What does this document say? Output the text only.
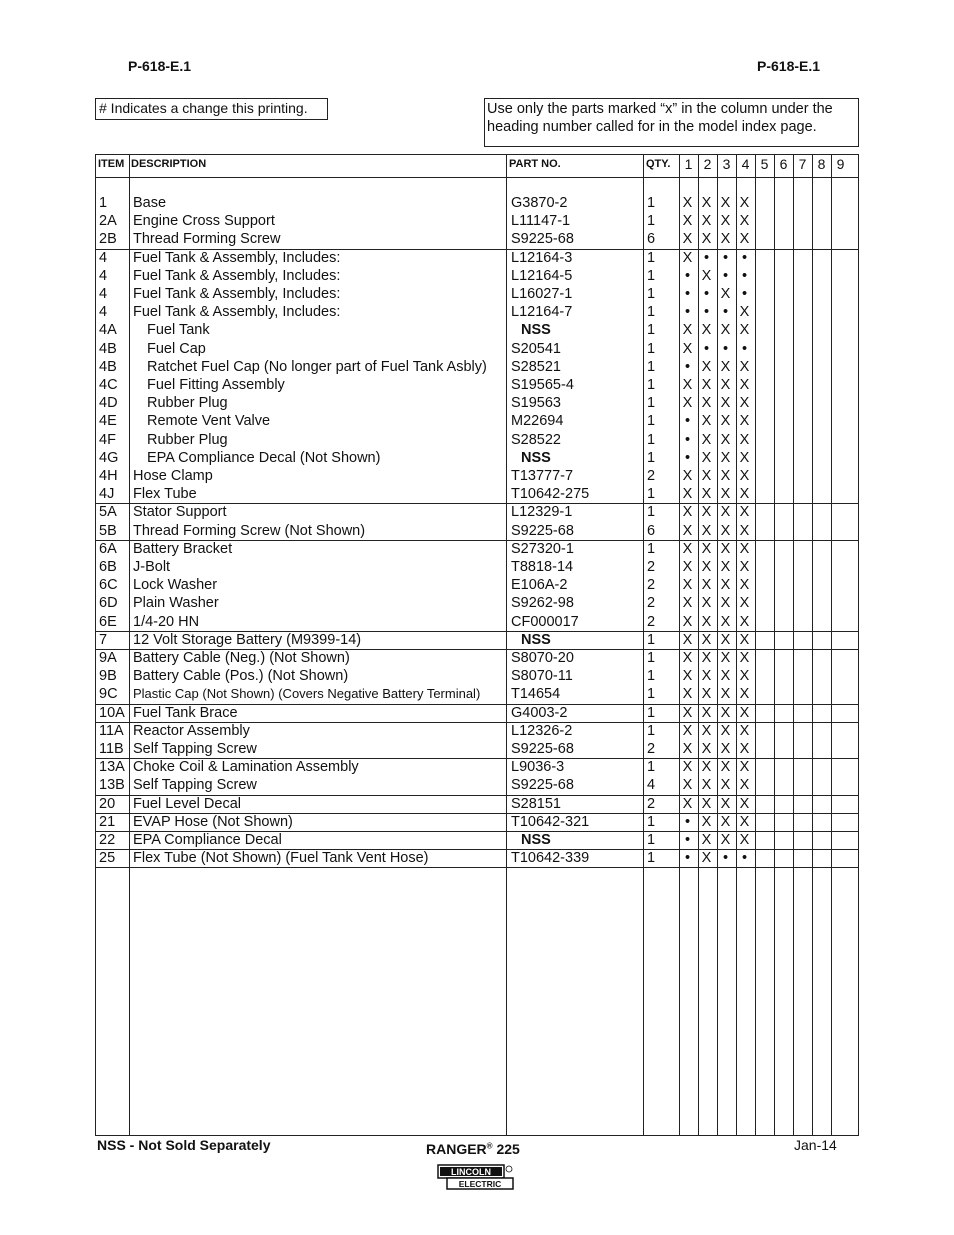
P-618-E.1	P-618-E.1
# Indicates a change this printing.	Use only the parts marked “x” in the column under the heading number called for in the model index page.
ITEM DESCRIPTION	PART NO.	QTY.	1 2 3 4 5 6 7 8 9
1 Base	G3870-2	1	X X X X
2A Engine Cross Support	L11147-1	1	X X X X
2B Thread Forming Screw	S9225-68	6	X X X X
4 Fuel Tank & Assembly, Includes:	L12164-3	1	X • • •
4 Fuel Tank & Assembly, Includes:	L12164-5	1	• X • •
4 Fuel Tank & Assembly, Includes:	L16027-1	1	• • X •
4 Fuel Tank & Assembly, Includes:	L12164-7	1	• • • X
4A Fuel Tank	NSS	1	X X X X
4B Fuel Cap	S20541	1	X • • •
4B Ratchet Fuel Cap (No longer part of Fuel Tank Asbly) S28521	1	• X X X
4C Fuel Fitting Assembly	S19565-4	1	X X X X
4D Rubber Plug	S19563	1	X X X X
4E Remote Vent Valve	M22694	1	• X X X
4F Rubber Plug	S28522	1	• X X X
4G EPA Compliance Decal (Not Shown)	NSS	1	• X X X
4H Hose Clamp	T13777-7	2	X X X X
4J Flex Tube	T10642-275	1	X X X X
5A Stator Support	L12329-1	1	X X X X
5B Thread Forming Screw (Not Shown)	S9225-68	6	X X X X
6A Battery Bracket	S27320-1	1	X X X X
6B J-Bolt	T8818-14	2	X X X X
6C Lock Washer	E106A-2	2	X X X X
6D Plain Washer	S9262-98	2	X X X X
6E 1/4-20 HN	CF000017	2	X X X X
7 12 Volt Storage Battery (M9399-14)	NSS	1	X X X X
9A Battery Cable (Neg.) (Not Shown)	S8070-20	1	X X X X
9B Battery Cable (Pos.) (Not Shown)	S8070-11	1	X X X X
9C Plastic Cap (Not Shown) (Covers Negative Battery Terminal) T14654	1	X X X X
10A Fuel Tank Brace	G4003-2	1	X X X X
11A Reactor Assembly	L12326-2	1	X X X X
11B Self Tapping Screw	S9225-68	2	X X X X
13A Choke Coil & Lamination Assembly	L9036-3	1	X X X X
13B Self Tapping Screw	S9225-68	4	X X X X
20 Fuel Level Decal	S28151	2	X X X X
21 EVAP Hose (Not Shown)	T10642-321	1	• X X X
22 EPA Compliance Decal	NSS	1	• X X X
25 Flex Tube (Not Shown) (Fuel Tank Vent Hose)	T10642-339	1	• X • •
NSS - Not Sold Separately	RANGER® 225	Jan-14
LINCOLN
ELECTRIC
